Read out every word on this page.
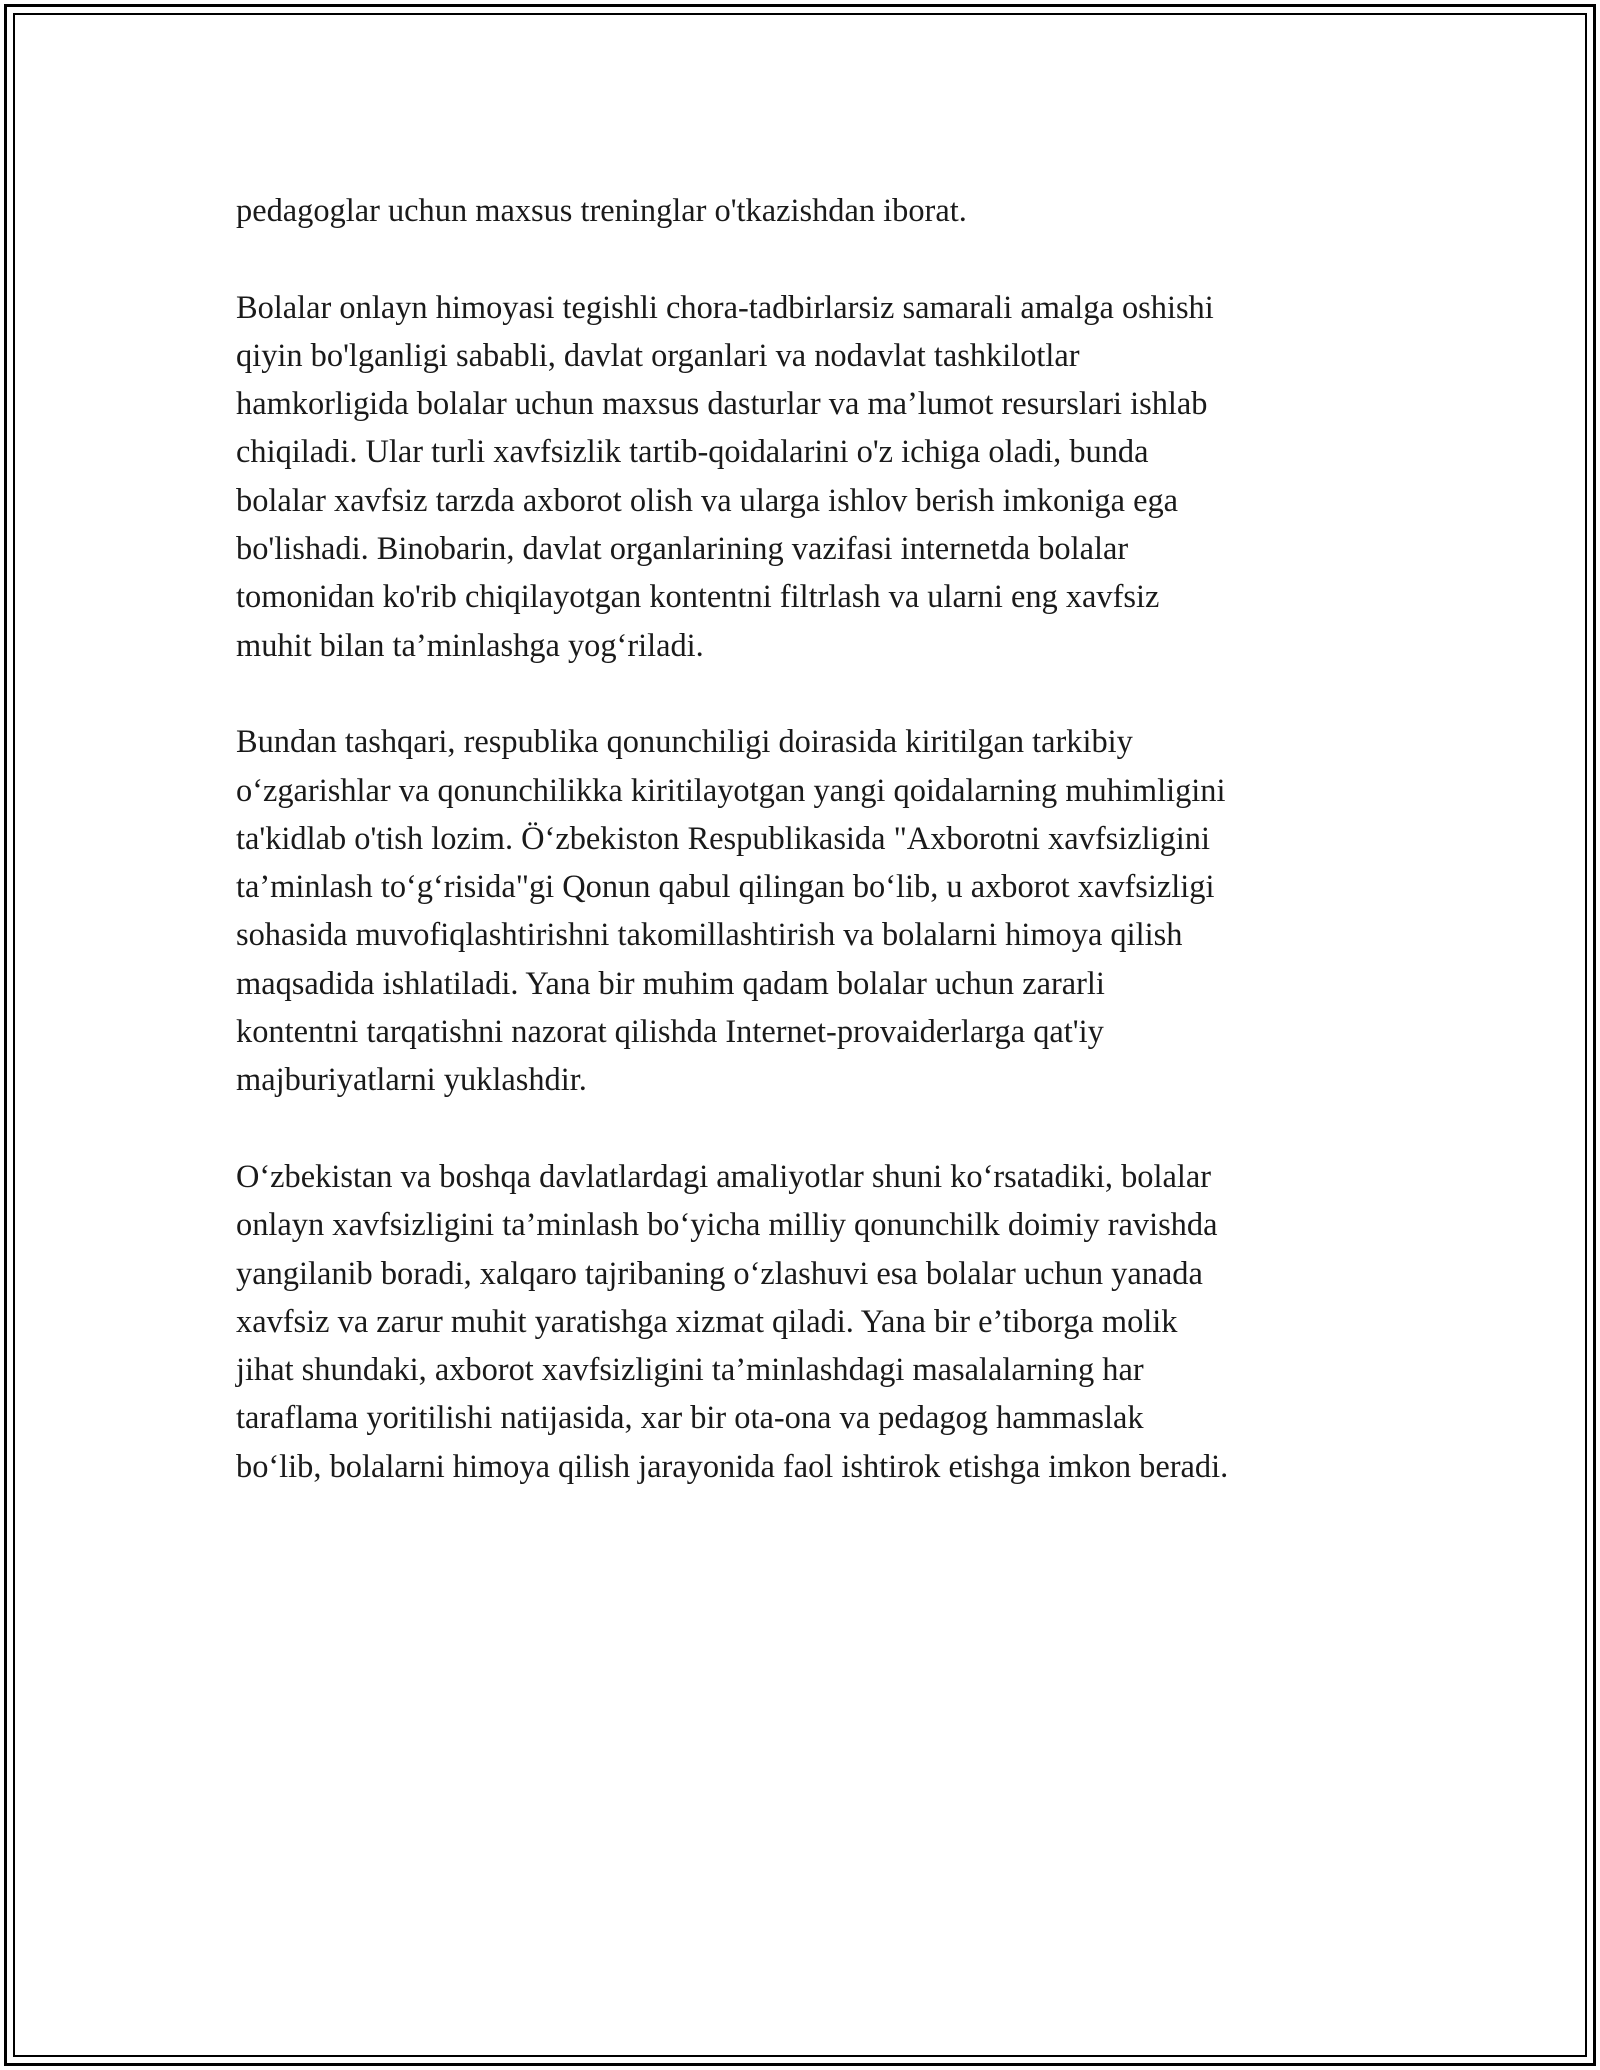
pedagoglar uchun maxsus treninglar o'tkazishdan iborat.
Bolalar onlayn himoyasi tegishli chora-tadbirlarsiz samarali amalga oshishi
qiyin bo'lganligi sababli, davlat organlari va nodavlat tashkilotlar
hamkorligida bolalar uchun maxsus dasturlar va ma’lumot resurslari ishlab
chiqiladi. Ular turli xavfsizlik tartib-qoidalarini o'z ichiga oladi, bunda
bolalar xavfsiz tarzda axborot olish va ularga ishlov berish imkoniga ega
bo'lishadi. Binobarin, davlat organlarining vazifasi internetda bolalar
tomonidan ko'rib chiqilayotgan kontentni filtrlash va ularni eng xavfsiz
muhit bilan ta’minlashga yog‘riladi.
Bundan tashqari, respublika qonunchiligi doirasida kiritilgan tarkibiy
o‘zgarishlar va qonunchilikka kiritilayotgan yangi qoidalarning muhimligini
ta'kidlab o'tish lozim. Ö‘zbekiston Respublikasida "Axborotni xavfsizligini
ta’minlash to‘g‘risida"gi Qonun qabul qilingan bo‘lib, u axborot xavfsizligi
sohasida muvofiqlashtirishni takomillashtirish va bolalarni himoya qilish
maqsadida ishlatiladi. Yana bir muhim qadam bolalar uchun zararli
kontentni tarqatishni nazorat qilishda Internet-provaiderlarga qat'iy
majburiyatlarni yuklashdir.
O‘zbekistan va boshqa davlatlardagi amaliyotlar shuni ko‘rsatadiki, bolalar
onlayn xavfsizligini ta’minlash bo‘yicha milliy qonunchilk doimiy ravishda
yangilanib boradi, xalqaro tajribaning o‘zlashuvi esa bolalar uchun yanada
xavfsiz va zarur muhit yaratishga xizmat qiladi. Yana bir e’tiborga molik
jihat shundaki, axborot xavfsizligini ta’minlashdagi masalalarning har
taraflama yoritilishi natijasida, xar bir ota-ona va pedagog hammaslak
bo‘lib, bolalarni himoya qilish jarayonida faol ishtirok etishga imkon beradi.
